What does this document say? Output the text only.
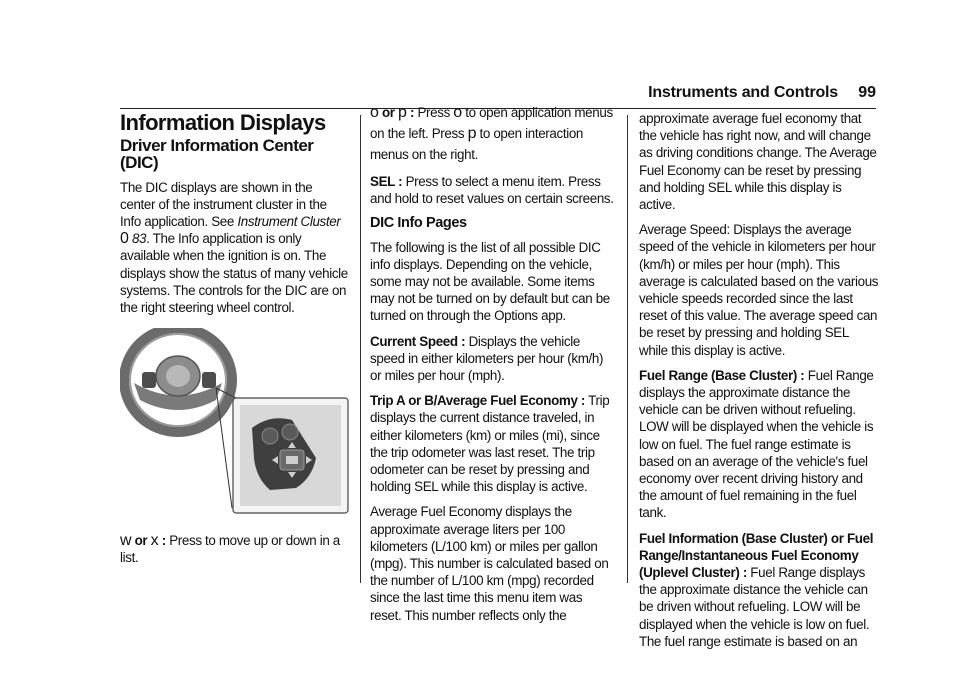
Instruments and Controls 99
Information Displays
Driver Information Center (DIC)

The DIC displays are shown in the center of the instrument cluster in the Info application. See Instrument Cluster 0 83. The Info application is only available when the ignition is on. The displays show the status of many vehicle systems. The controls for the DIC are on the right steering wheel control.

w or x : Press to move up or down in a list.

o or p : Press o to open application menus on the left. Press p to open interaction menus on the right.

SEL : Press to select a menu item. Press and hold to reset values on certain screens.

DIC Info Pages

The following is the list of all possible DIC info displays. Depending on the vehicle, some may not be available. Some items may not be turned on by default but can be turned on through the Options app.

Current Speed : Displays the vehicle speed in either kilometers per hour (km/h) or miles per hour (mph).

Trip A or B/Average Fuel Economy : Trip displays the current distance traveled, in either kilometers (km) or miles (mi), since the trip odometer was last reset. The trip odometer can be reset by pressing and holding SEL while this display is active.

Average Fuel Economy displays the approximate average liters per 100 kilometers (L/100 km) or miles per gallon (mpg). This number is calculated based on the number of L/100 km (mpg) recorded since the last time this menu item was reset. This number reflects only the

approximate average fuel economy that the vehicle has right now, and will change as driving conditions change. The Average Fuel Economy can be reset by pressing and holding SEL while this display is active.

Average Speed: Displays the average speed of the vehicle in kilometers per hour (km/h) or miles per hour (mph). This average is calculated based on the various vehicle speeds recorded since the last reset of this value. The average speed can be reset by pressing and holding SEL while this display is active.

Fuel Range (Base Cluster) : Fuel Range displays the approximate distance the vehicle can be driven without refueling. LOW will be displayed when the vehicle is low on fuel. The fuel range estimate is based on an average of the vehicle's fuel economy over recent driving history and the amount of fuel remaining in the fuel tank.

Fuel Information (Base Cluster) or Fuel Range/Instantaneous Fuel Economy (Uplevel Cluster) : Fuel Range displays the approximate distance the vehicle can be driven without refueling. LOW will be displayed when the vehicle is low on fuel. The fuel range estimate is based on an
